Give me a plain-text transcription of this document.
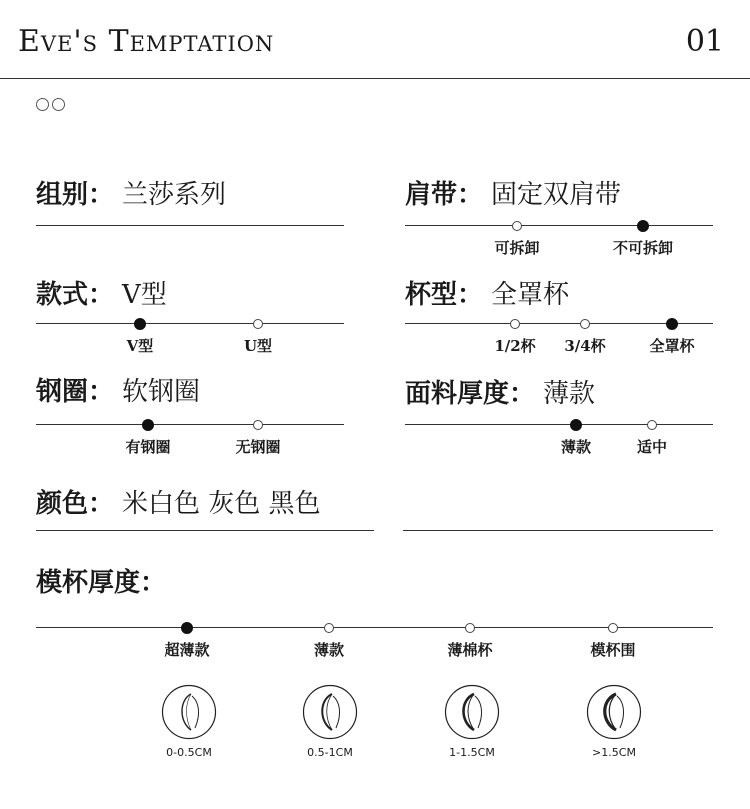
Eve's Temptation	01
组别： 兰莎系列	肩带： 固定双肩带
可拆卸	不可拆卸
款式： V型
V型	U型
杯型： 全罩杯
1/2杯	3/4杯	全罩杯
钢圈： 软钢圈
有钢圈	无钢圈
面料厚度： 薄款
薄款	适中
颜色： 米白色 灰色 黑色
模杯厚度：
超薄款	薄款	薄棉杯	模杯围
0-0.5CM	0.5-1CM	1-1.5CM	>1.5CM
